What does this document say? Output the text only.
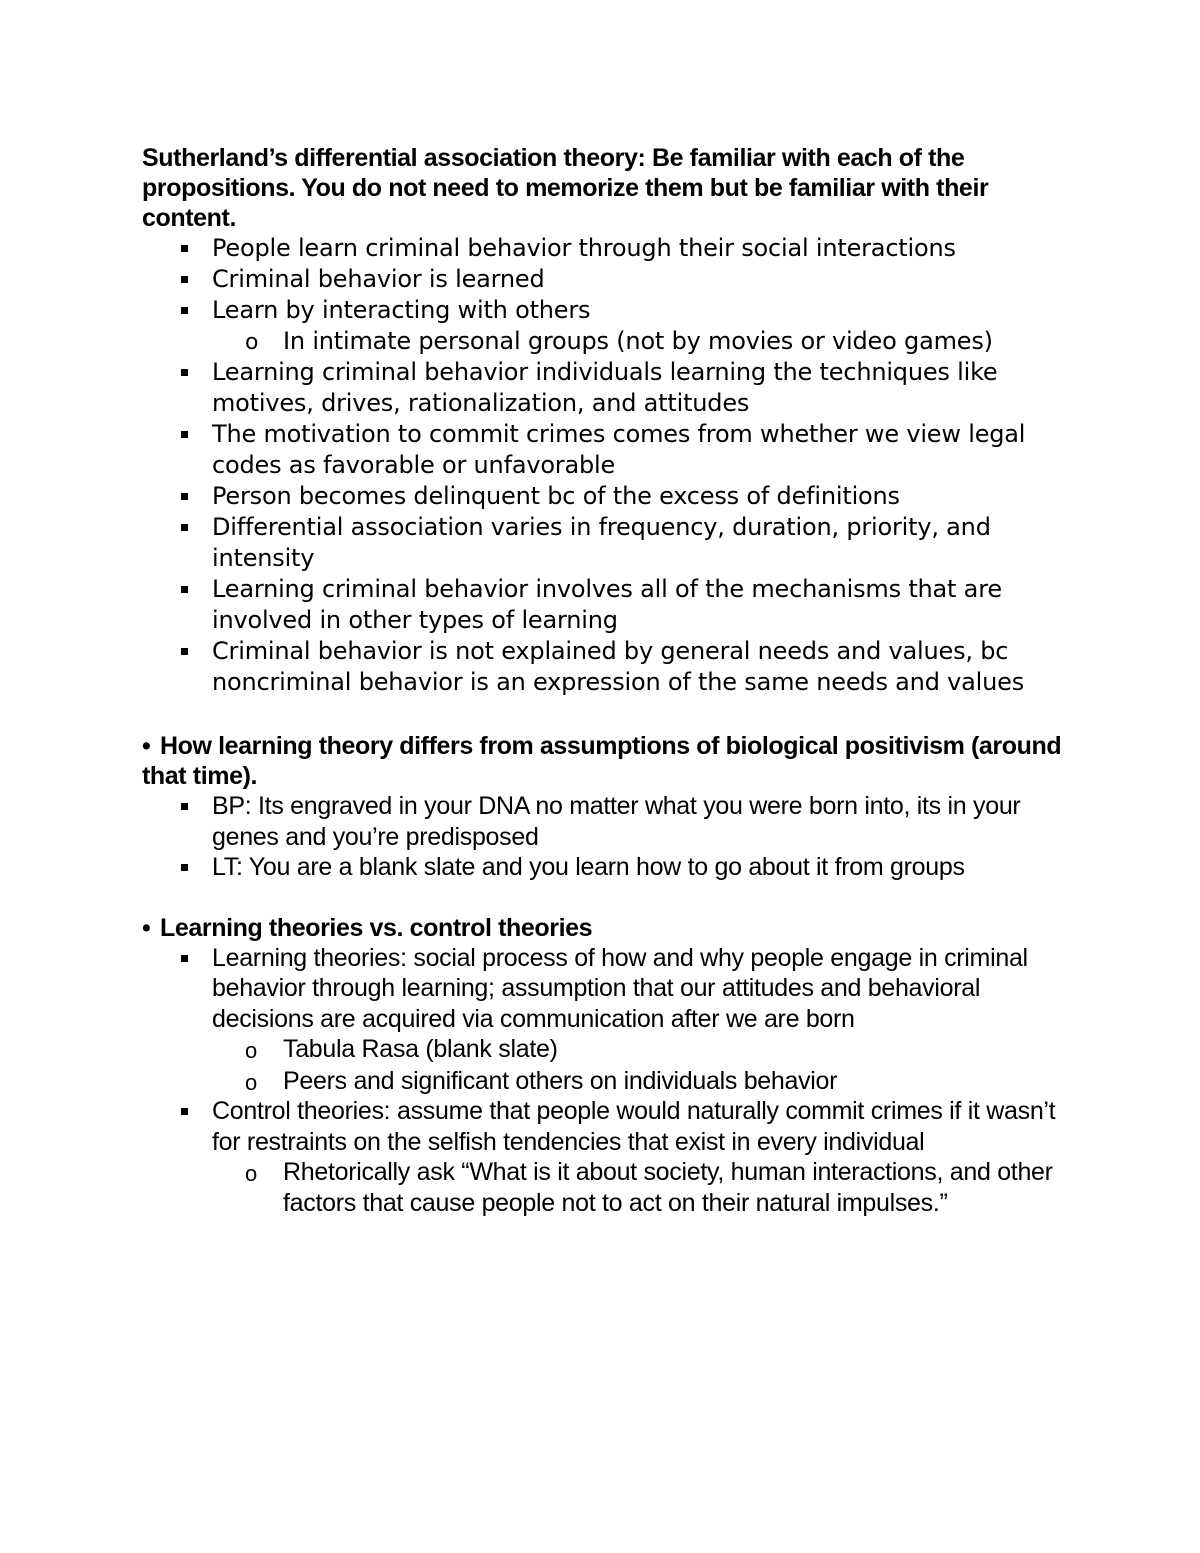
Sutherland’s differential association theory: Be familiar with each of the propositions. You do not need to memorize them but be familiar with their content.

People learn criminal behavior through their social interactions
Criminal behavior is learned
Learn by interacting with others
o In intimate personal groups (not by movies or video games)
Learning criminal behavior individuals learning the techniques like motives, drives, rationalization, and attitudes
The motivation to commit crimes comes from whether we view legal codes as favorable or unfavorable
Person becomes delinquent bc of the excess of definitions
Differential association varies in frequency, duration, priority, and intensity
Learning criminal behavior involves all of the mechanisms that are involved in other types of learning
Criminal behavior is not explained by general needs and values, bc noncriminal behavior is an expression of the same needs and values

• How learning theory differs from assumptions of biological positivism (around that time).

BP: Its engraved in your DNA no matter what you were born into, its in your genes and you’re predisposed
LT: You are a blank slate and you learn how to go about it from groups

• Learning theories vs. control theories

Learning theories: social process of how and why people engage in criminal behavior through learning; assumption that our attitudes and behavioral decisions are acquired via communication after we are born
o Tabula Rasa (blank slate)
o Peers and significant others on individuals behavior
Control theories: assume that people would naturally commit crimes if it wasn’t for restraints on the selfish tendencies that exist in every individual
o Rhetorically ask “What is it about society, human interactions, and other factors that cause people not to act on their natural impulses.”
